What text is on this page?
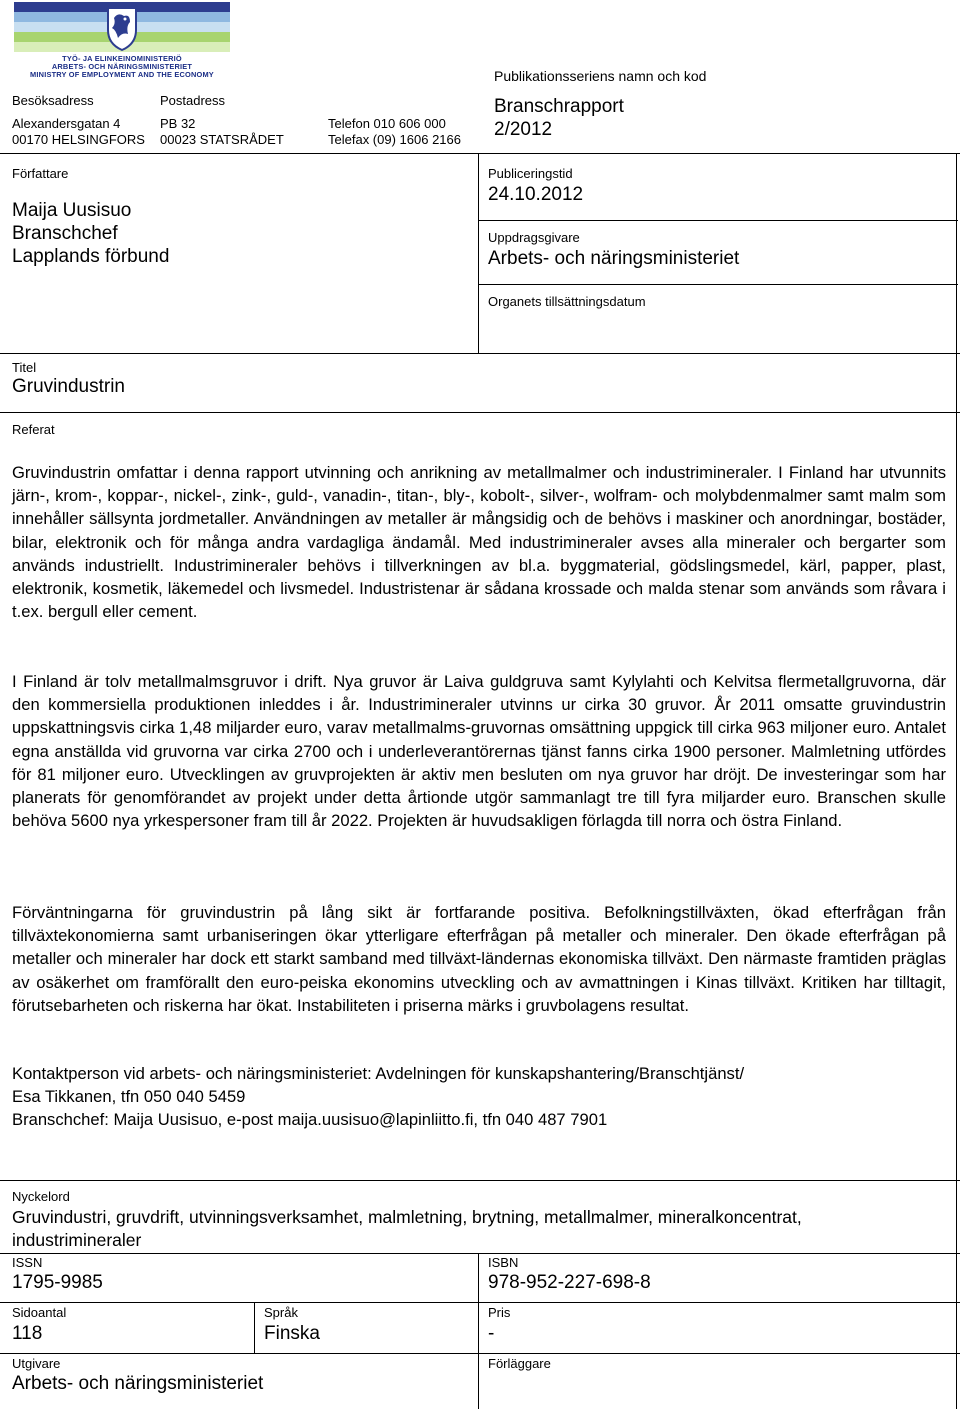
TYÖ- JA ELINKEINOMINISTERIÖ
ARBETS- OCH NÄRINGSMINISTERIET
MINISTRY OF EMPLOYMENT AND THE ECONOMY
Besöksadress	Postadress
Alexandersgatan 4
00170 HELSINGFORS
PB 32
00023 STATSRÅDET
Telefon 010 606 000
Telefax (09) 1606 2166
Publikationsseriens namn och kod
Branschrapport
2/2012
Författare
Maija Uusisuo
Branschchef
Lapplands förbund
Publiceringstid
24.10.2012
Uppdragsgivare
Arbets- och näringsministeriet
Organets tillsättningsdatum
Titel
Gruvindustrin
Referat

Gruvindustrin omfattar i denna rapport utvinning och anrikning av metallmalmer och industrimineraler. I Finland har utvunnits järn-, krom-, koppar-, nickel-, zink-, guld-, vanadin-, titan-, bly-, kobolt-, silver-, wolfram- och molybdenmalmer samt malm som innehåller sällsynta jordmetaller. Användningen av metaller är mångsidig och de behövs i maskiner och anordningar, bostäder, bilar, elektronik och för många andra vardagliga ändamål. Med industrimineraler avses alla mineraler och bergarter som används industriellt. Industrimineraler behövs i tillverkningen av bl.a. byggmaterial, gödslingsmedel, kärl, papper, plast, elektronik, kosmetik, läkemedel och livsmedel. Industristenar är sådana krossade och malda stenar som används som råvara i t.ex. bergull eller cement.

I Finland är tolv metallmalmsgruvor i drift. Nya gruvor är Laiva guldgruva samt Kylylahti och Kelvitsa flermetallgruvorna, där den kommersiella produktionen inleddes i år. Industrimineraler utvinns ur cirka 30 gruvor. År 2011 omsatte gruvindustrin uppskattningsvis cirka 1,48 miljarder euro, varav metallmalms-gruvornas omsättning uppgick till cirka 963 miljoner euro. Antalet egna anställda vid gruvorna var cirka 2700 och i underleverantörernas tjänst fanns cirka 1900 personer. Malmletning utfördes för 81 miljoner euro. Utvecklingen av gruvprojekten är aktiv men besluten om nya gruvor har dröjt. De investeringar som har planerats för genomförandet av projekt under detta årtionde utgör sammanlagt tre till fyra miljarder euro. Branschen skulle behöva 5600 nya yrkespersoner fram till år 2022. Projekten är huvudsakligen förlagda till norra och östra Finland.

Förväntningarna för gruvindustrin på lång sikt är fortfarande positiva. Befolkningstillväxten, ökad efterfrågan från tillväxtekonomierna samt urbaniseringen ökar ytterligare efterfrågan på metaller och mineraler. Den ökade efterfrågan på metaller och mineraler har dock ett starkt samband med tillväxt-ländernas ekonomiska tillväxt. Den närmaste framtiden präglas av osäkerhet om framförallt den euro-peiska ekonomins utveckling och av avmattningen i Kinas tillväxt. Kritiken har tilltagit, förutsebarheten och riskerna har ökat. Instabiliteten i priserna märks i gruvbolagens resultat.

Kontaktperson vid arbets- och näringsministeriet: Avdelningen för kunskapshantering/Branschtjänst/
Esa Tikkanen, tfn 050 040 5459
Branschchef: Maija Uusisuo, e-post maija.uusisuo@lapinliitto.fi, tfn 040 487 7901
Nyckelord
Gruvindustri, gruvdrift, utvinningsverksamhet, malmletning, brytning, metallmalmer, mineralkoncentrat,
industrimineraler
ISSN
1795-9985
ISBN
978-952-227-698-8
Sidoantal
118
Språk
Finska
Pris
-
Utgivare
Arbets- och näringsministeriet
Förläggare
